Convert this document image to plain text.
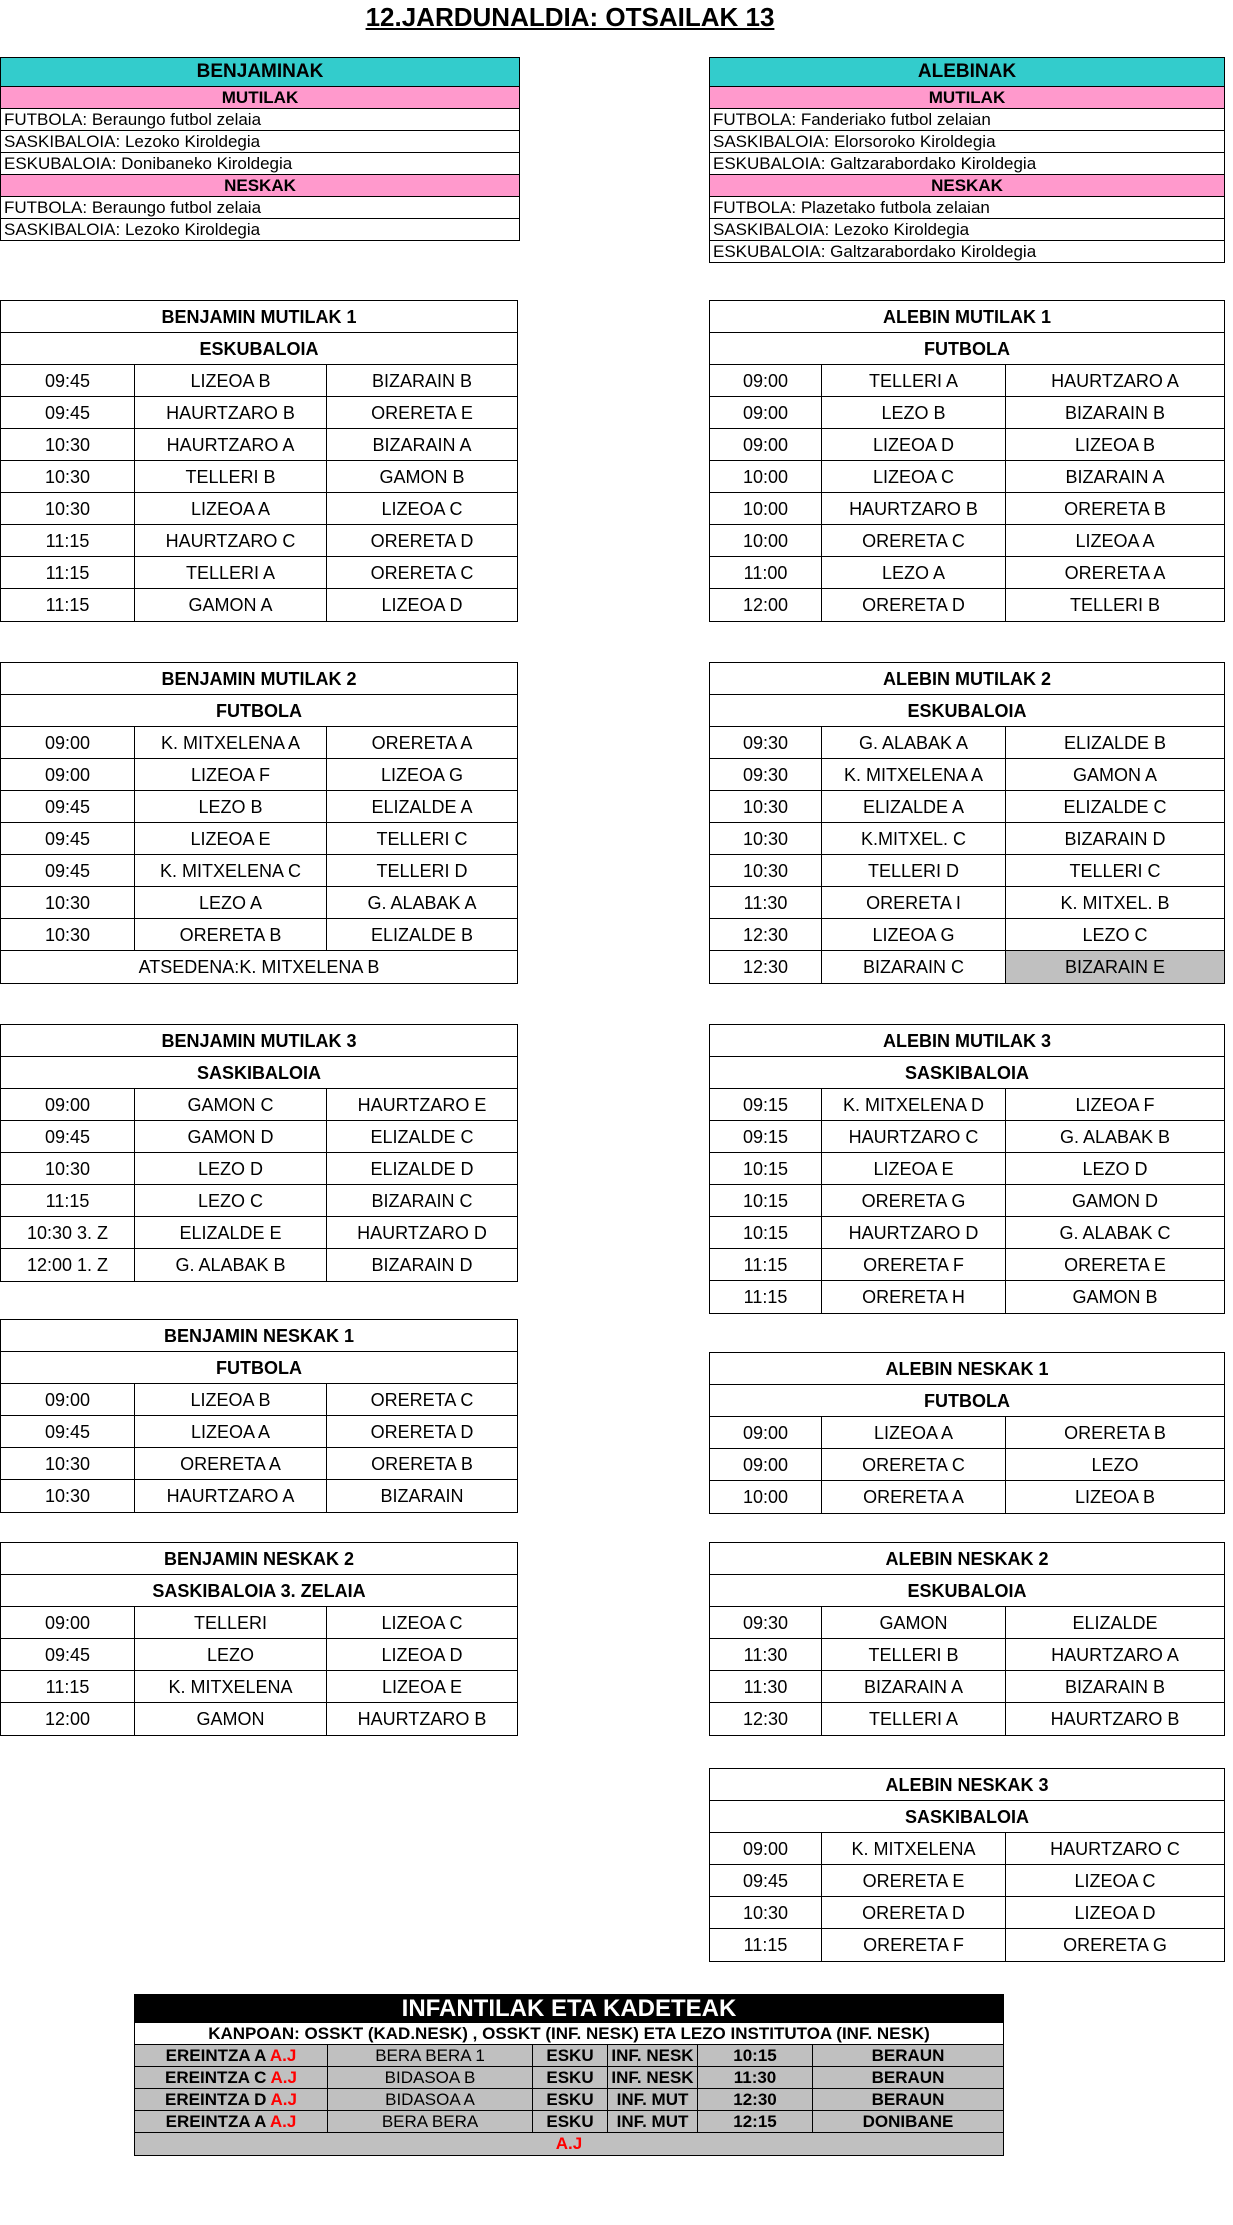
12.JARDUNALDIA: OTSAILAK 13
BENJAMINAK
MUTILAK
FUTBOLA: Beraungo futbol zelaia
SASKIBALOIA: Lezoko Kiroldegia
ESKUBALOIA: Donibaneko Kiroldegia
NESKAK
FUTBOLA: Beraungo futbol zelaia
SASKIBALOIA: Lezoko Kiroldegia
ALEBINAK
MUTILAK
FUTBOLA: Fanderiako futbol zelaian
SASKIBALOIA: Elorsoroko Kiroldegia
ESKUBALOIA: Galtzarabordako Kiroldegia
NESKAK
FUTBOLA: Plazetako futbola zelaian
SASKIBALOIA: Lezoko Kiroldegia
ESKUBALOIA: Galtzarabordako Kiroldegia
BENJAMIN MUTILAK 1
ESKUBALOIA
09:45	LIZEOA B	BIZARAIN B
09:45	HAURTZARO B	ORERETA E
10:30	HAURTZARO A	BIZARAIN A
10:30	TELLERI B	GAMON B
10:30	LIZEOA A	LIZEOA C
11:15	HAURTZARO C	ORERETA D
11:15	TELLERI A	ORERETA C
11:15	GAMON A	LIZEOA D
BENJAMIN MUTILAK 2
FUTBOLA
09:00	K. MITXELENA A	ORERETA A
09:00	LIZEOA F	LIZEOA G
09:45	LEZO B	ELIZALDE A
09:45	LIZEOA E	TELLERI C
09:45	K. MITXELENA C	TELLERI D
10:30	LEZO A	G. ALABAK A
10:30	ORERETA B	ELIZALDE B
ATSEDENA:K. MITXELENA B
BENJAMIN MUTILAK 3
SASKIBALOIA
09:00	GAMON C	HAURTZARO E
09:45	GAMON D	ELIZALDE C
10:30	LEZO D	ELIZALDE D
11:15	LEZO C	BIZARAIN C
10:30 3. Z	ELIZALDE E	HAURTZARO D
12:00 1. Z	G. ALABAK B	BIZARAIN D
BENJAMIN NESKAK 1
FUTBOLA
09:00	LIZEOA B	ORERETA C
09:45	LIZEOA A	ORERETA D
10:30	ORERETA A	ORERETA B
10:30	HAURTZARO A	BIZARAIN
BENJAMIN NESKAK 2
SASKIBALOIA 3. ZELAIA
09:00	TELLERI	LIZEOA C
09:45	LEZO	LIZEOA D
11:15	K. MITXELENA	LIZEOA E
12:00	GAMON	HAURTZARO B
ALEBIN MUTILAK 1
FUTBOLA
09:00	TELLERI A	HAURTZARO A
09:00	LEZO B	BIZARAIN B
09:00	LIZEOA D	LIZEOA B
10:00	LIZEOA C	BIZARAIN A
10:00	HAURTZARO B	ORERETA B
10:00	ORERETA C	LIZEOA A
11:00	LEZO A	ORERETA A
12:00	ORERETA D	TELLERI B
ALEBIN MUTILAK 2
ESKUBALOIA
09:30	G. ALABAK A	ELIZALDE B
09:30	K. MITXELENA A	GAMON A
10:30	ELIZALDE A	ELIZALDE C
10:30	K.MITXEL. C	BIZARAIN D
10:30	TELLERI D	TELLERI C
11:30	ORERETA I	K. MITXEL. B
12:30	LIZEOA G	LEZO C
12:30	BIZARAIN C	BIZARAIN E
ALEBIN MUTILAK 3
SASKIBALOIA
09:15	K. MITXELENA D	LIZEOA F
09:15	HAURTZARO C	G. ALABAK B
10:15	LIZEOA E	LEZO D
10:15	ORERETA G	GAMON D
10:15	HAURTZARO D	G. ALABAK C
11:15	ORERETA F	ORERETA E
11:15	ORERETA H	GAMON B
ALEBIN NESKAK 1
FUTBOLA
09:00	LIZEOA A	ORERETA B
09:00	ORERETA C	LEZO
10:00	ORERETA A	LIZEOA B
ALEBIN NESKAK 2
ESKUBALOIA
09:30	GAMON	ELIZALDE
11:30	TELLERI B	HAURTZARO A
11:30	BIZARAIN A	BIZARAIN B
12:30	TELLERI A	HAURTZARO B
ALEBIN NESKAK 3
SASKIBALOIA
09:00	K. MITXELENA	HAURTZARO C
09:45	ORERETA E	LIZEOA C
10:30	ORERETA D	LIZEOA D
11:15	ORERETA F	ORERETA G
INFANTILAK ETA KADETEAK
KANPOAN: OSSKT (KAD.NESK) , OSSKT (INF. NESK) ETA LEZO INSTITUTOA (INF. NESK)
EREINTZA A A.J	BERA BERA 1	ESKU	INF. NESK	10:15	BERAUN
EREINTZA C A.J	BIDASOA B	ESKU	INF. NESK	11:30	BERAUN
EREINTZA D A.J	BIDASOA A	ESKU	INF. MUT	12:30	BERAUN
EREINTZA A A.J	BERA BERA	ESKU	INF. MUT	12:15	DONIBANE
A.J
